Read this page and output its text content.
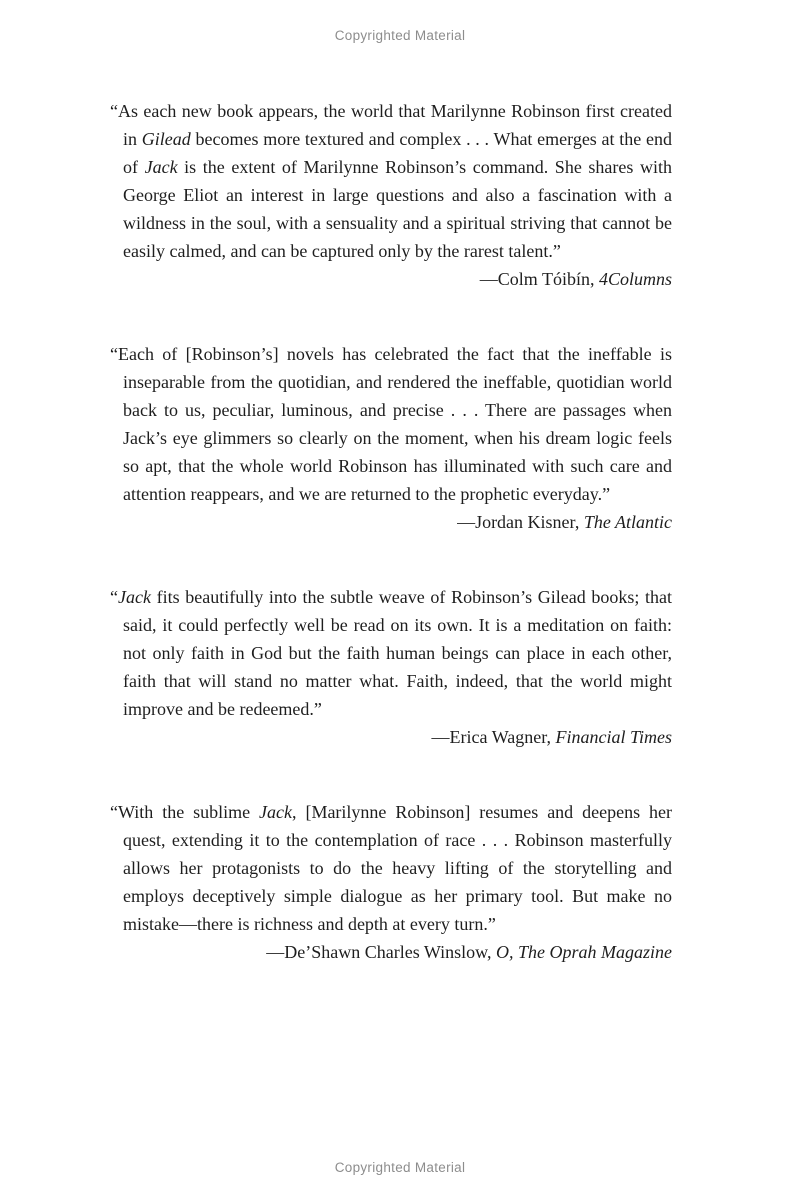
Copyrighted Material

“As each new book appears, the world that Marilynne Robinson first created in Gilead becomes more textured and complex . . . What emerges at the end of Jack is the extent of Marilynne Robinson’s command. She shares with George Eliot an interest in large questions and also a fascination with a wildness in the soul, with a sensuality and a spiritual striving that cannot be easily calmed, and can be captured only by the rarest talent.”

—Colm Tóibín, 4Columns

“Each of [Robinson’s] novels has celebrated the fact that the ineffable is inseparable from the quotidian, and rendered the ineffable, quotidian world back to us, peculiar, luminous, and precise . . . There are passages when Jack’s eye glimmers so clearly on the moment, when his dream logic feels so apt, that the whole world Robinson has illuminated with such care and attention reappears, and we are returned to the prophetic everyday.”

—Jordan Kisner, The Atlantic

“Jack fits beautifully into the subtle weave of Robinson’s Gilead books; that said, it could perfectly well be read on its own. It is a meditation on faith: not only faith in God but the faith human beings can place in each other, faith that will stand no matter what. Faith, indeed, that the world might improve and be redeemed.”

—Erica Wagner, Financial Times

“With the sublime Jack, [Marilynne Robinson] resumes and deepens her quest, extending it to the contemplation of race . . . Robinson masterfully allows her protagonists to do the heavy lifting of the storytelling and employs deceptively simple dialogue as her primary tool. But make no mistake—there is richness and depth at every turn.”

—De’Shawn Charles Winslow, O, The Oprah Magazine

Copyrighted Material
